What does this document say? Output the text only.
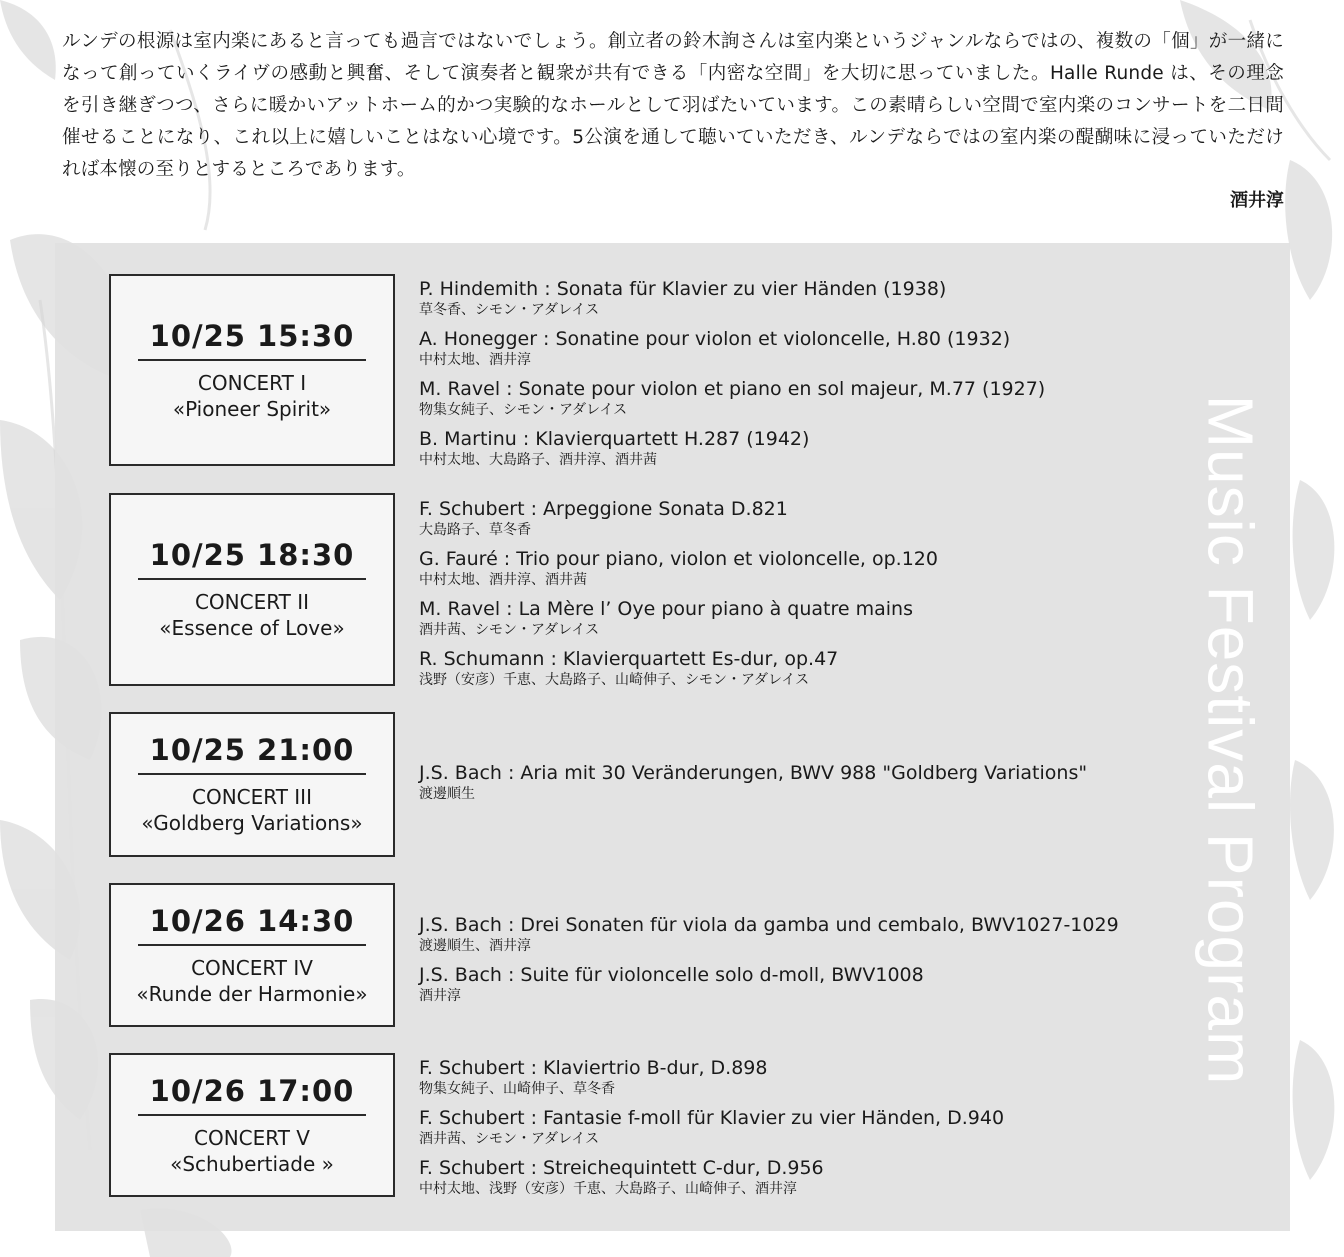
ルンデの根源は室内楽にあると言っても過言ではないでしょう。創立者の鈴木詢さんは室内楽というジャンルならではの、複数の「個」が一緒になって創っていくライヴの感動と興奮、そして演奏者と観衆が共有できる「内密な空間」を大切に思っていました。Halle Runde は、その理念を引き継ぎつつ、さらに暖かいアットホーム的かつ実験的なホールとして羽ばたいています。この素晴らしい空間で室内楽のコンサートを二日間催せることになり、これ以上に嬉しいことはない心境です。5公演を通して聴いていただき、ルンデならではの室内楽の醍醐味に浸っていただければ本懐の至りとするところであります。

酒井淳
Music Festival Program
10/25 15:30
CONCERT I
«Pioneer Spirit»
P. Hindemith : Sonata für Klavier zu vier Händen (1938)
草冬香、シモン・アダレイス
A. Honegger : Sonatine pour violon et violoncelle, H.80 (1932)
中村太地、酒井淳
M. Ravel : Sonate pour violon et piano en sol majeur, M.77 (1927)
物集女純子、シモン・アダレイス
B. Martinu : Klavierquartett H.287 (1942)
中村太地、大島路子、酒井淳、酒井茜
10/25 18:30
CONCERT II
«Essence of Love»
F. Schubert : Arpeggione Sonata D.821
大島路子、草冬香
G. Fauré : Trio pour piano, violon et violoncelle, op.120
中村太地、酒井淳、酒井茜
M. Ravel : La Mère l’ Oye pour piano à quatre mains
酒井茜、シモン・アダレイス
R. Schumann : Klavierquartett Es-dur, op.47
浅野（安彦）千恵、大島路子、山崎伸子、シモン・アダレイス
10/25 21:00
CONCERT III
«Goldberg Variations»
J.S. Bach : Aria mit 30 Veränderungen, BWV 988 "Goldberg Variations"
渡邊順生
10/26 14:30
CONCERT IV
«Runde der Harmonie»
J.S. Bach : Drei Sonaten für viola da gamba und cembalo, BWV1027-1029
渡邊順生、酒井淳
J.S. Bach : Suite für violoncelle solo d-moll, BWV1008
酒井淳
10/26 17:00
CONCERT V
«Schubertiade »
F. Schubert : Klaviertrio B-dur, D.898
物集女純子、山崎伸子、草冬香
F. Schubert : Fantasie f-moll für Klavier zu vier Händen, D.940
酒井茜、シモン・アダレイス
F. Schubert : Streichequintett C-dur, D.956
中村太地、浅野（安彦）千恵、大島路子、山崎伸子、酒井淳
